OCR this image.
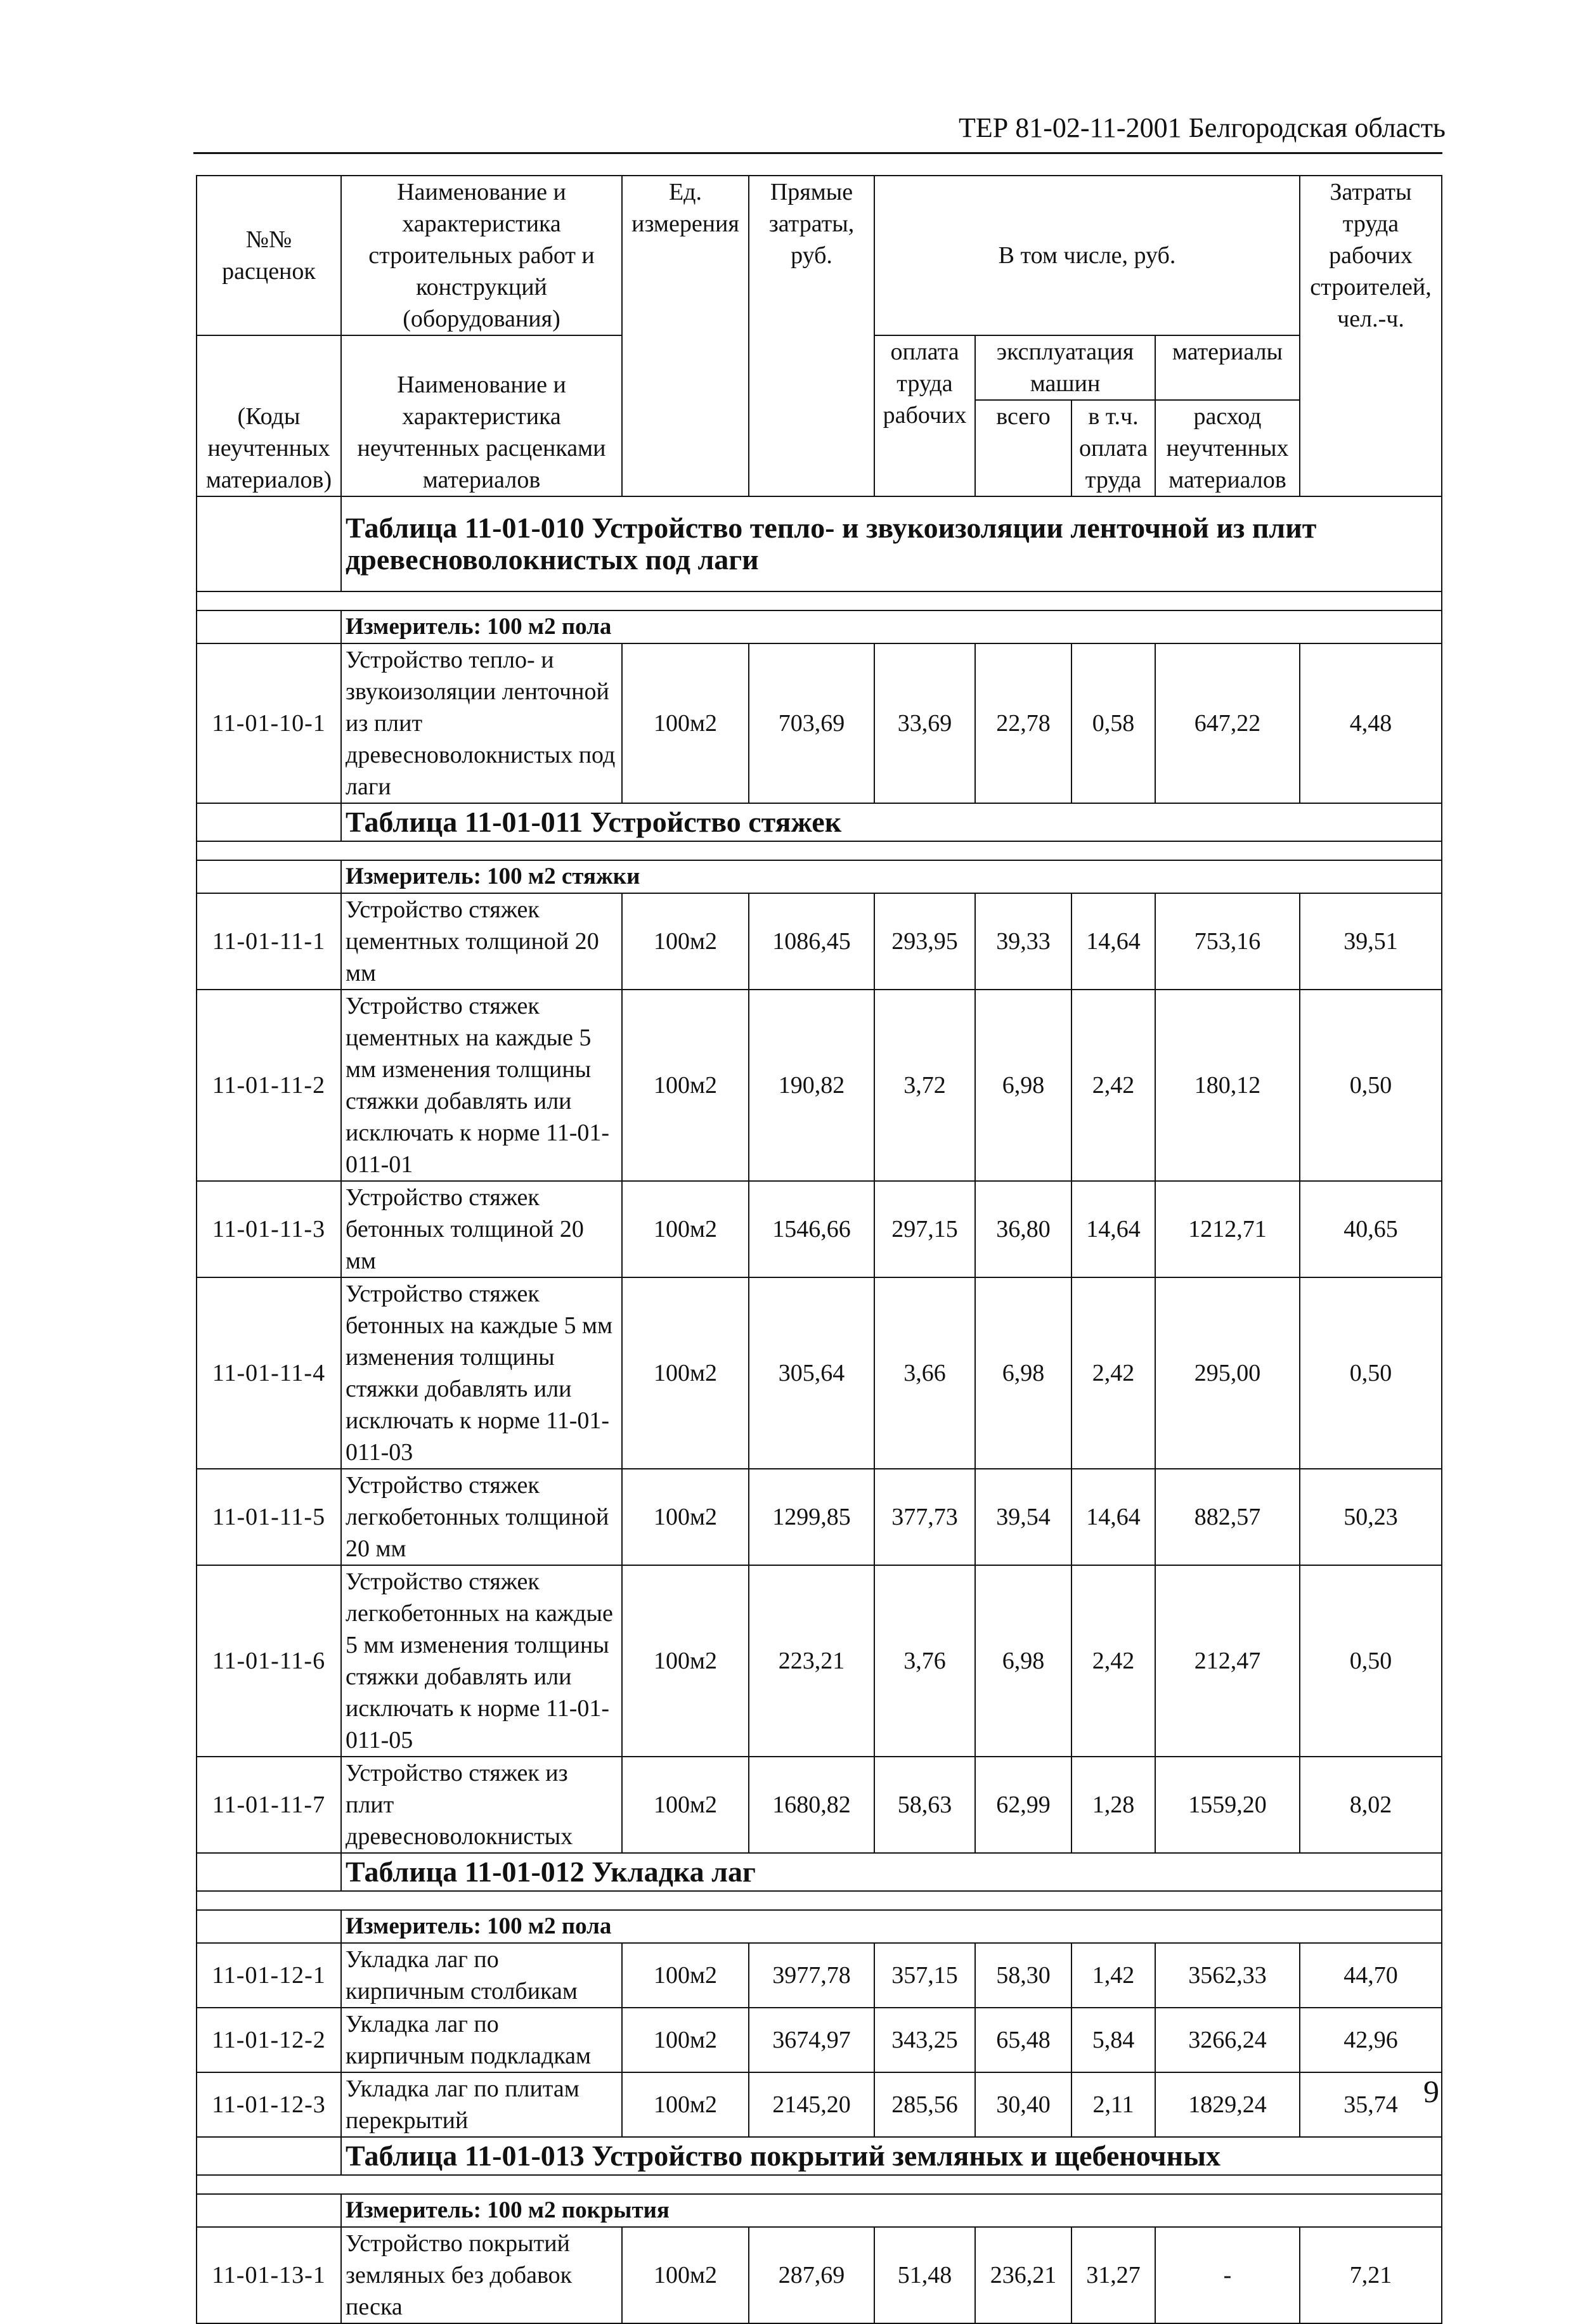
ТЕР 81-02-11-2001 Белгородская область
№№ расценок	Наименование и характеристика строительных работ и конструкций (оборудования)	Ед. измерения	Прямые затраты, руб.	В том числе, руб.				Затраты труда рабочих строителей, чел.-ч.
(Коды неучтенных материалов)	Наименование и характеристика неучтенных расценками материалов			оплата труда рабочих	эксплуатация машин		материалы	
					всего	в т.ч. оплата труда	расход неучтенных материалов	
	Таблица 11-01-010 Устройство тепло- и звукоизоляции ленточной из плит древесноволокнистых под лаги							

	Измеритель: 100 м2 пола							
11-01-10-1	Устройство тепло- и звукоизоляции ленточной из плит древесноволокнистых под лаги	100м2	703,69	33,69	22,78	0,58	647,22	4,48
	Таблица 11-01-011 Устройство стяжек							

	Измеритель: 100 м2 стяжки							
11-01-11-1	Устройство стяжек цементных толщиной 20 мм	100м2	1086,45	293,95	39,33	14,64	753,16	39,51
11-01-11-2	Устройство стяжек цементных на каждые 5 мм изменения толщины стяжки добавлять или исключать к норме 11-01-011-01	100м2	190,82	3,72	6,98	2,42	180,12	0,50
11-01-11-3	Устройство стяжек бетонных толщиной 20 мм	100м2	1546,66	297,15	36,80	14,64	1212,71	40,65
11-01-11-4	Устройство стяжек бетонных на каждые 5 мм изменения толщины стяжки добавлять или исключать к норме 11-01-011-03	100м2	305,64	3,66	6,98	2,42	295,00	0,50
11-01-11-5	Устройство стяжек легкобетонных толщиной 20 мм	100м2	1299,85	377,73	39,54	14,64	882,57	50,23
11-01-11-6	Устройство стяжек легкобетонных на каждые 5 мм изменения толщины стяжки добавлять или исключать к норме 11-01-011-05	100м2	223,21	3,76	6,98	2,42	212,47	0,50
11-01-11-7	Устройство стяжек из плит древесноволокнистых	100м2	1680,82	58,63	62,99	1,28	1559,20	8,02
	Таблица 11-01-012 Укладка лаг							

	Измеритель: 100 м2 пола							
11-01-12-1	Укладка лаг по кирпичным столбикам	100м2	3977,78	357,15	58,30	1,42	3562,33	44,70
11-01-12-2	Укладка лаг по кирпичным подкладкам	100м2	3674,97	343,25	65,48	5,84	3266,24	42,96
11-01-12-3	Укладка лаг по плитам перекрытий	100м2	2145,20	285,56	30,40	2,11	1829,24	35,74
	Таблица 11-01-013 Устройство покрытий земляных и щебеночных							

	Измеритель: 100 м2 покрытия							
11-01-13-1	Устройство покрытий земляных без добавок песка	100м2	287,69	51,48	236,21	31,27	-	7,21
9
